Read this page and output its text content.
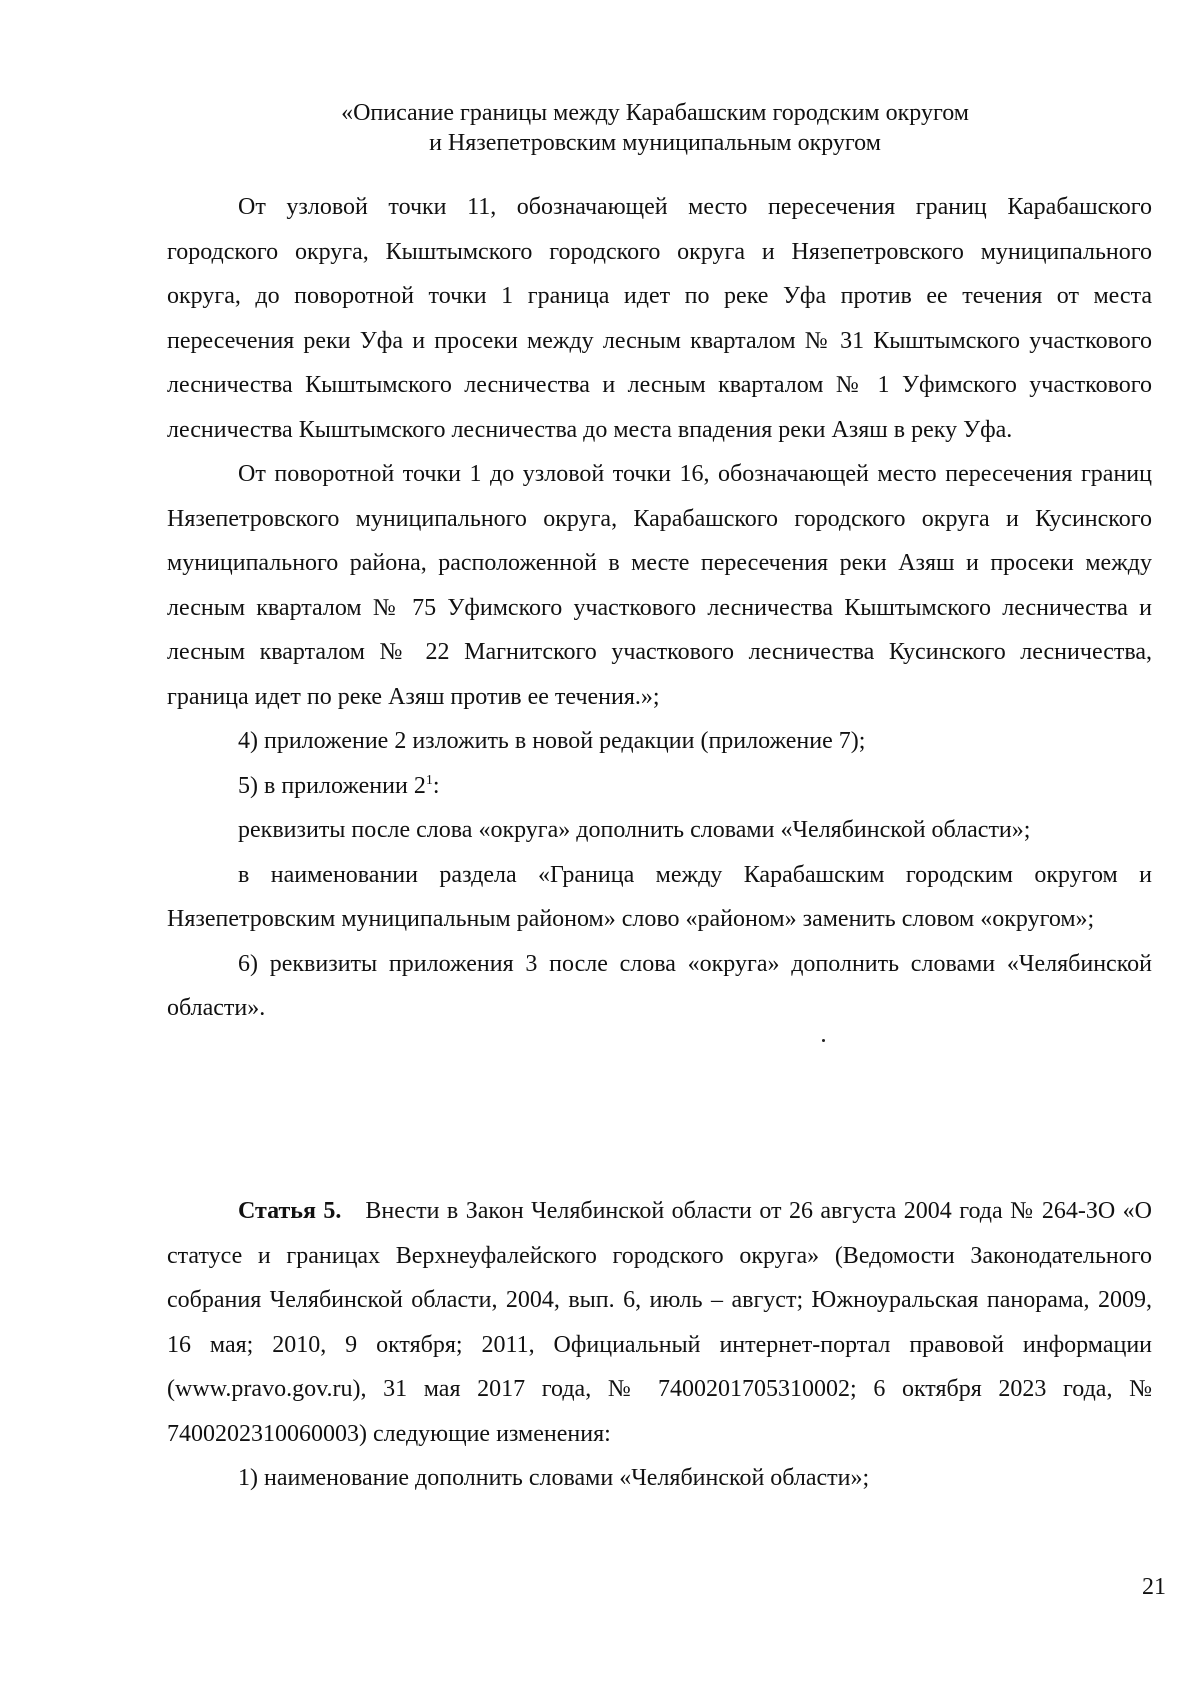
«Описание границы между Карабашским городским округом
и Нязепетровским муниципальным округом

От узловой точки 11, обозначающей место пересечения границ Карабашского городского округа, Кыштымского городского округа и Нязепетровского муниципального округа, до поворотной точки 1 граница идет по реке Уфа против ее течения от места пересечения реки Уфа и просеки между лесным кварталом № 31 Кыштымского участкового лесничества Кыштымского лесничества и лесным кварталом № 1 Уфимского участкового лесничества Кыштымского лесничества до места впадения реки Азяш в реку Уфа.

От поворотной точки 1 до узловой точки 16, обозначающей место пересечения границ Нязепетровского муниципального округа, Карабашского городского округа и Кусинского муниципального района, расположенной в месте пересечения реки Азяш и просеки между лесным кварталом № 75 Уфимского участкового лесничества Кыштымского лесничества и лесным кварталом № 22 Магнитского участкового лесничества Кусинского лесничества, граница идет по реке Азяш против ее течения.»;

4) приложение 2 изложить в новой редакции (приложение 7);

5) в приложении $2^1$:

реквизиты после слова «округа» дополнить словами «Челябинской области»;

в наименовании раздела «Граница между Карабашским городским округом и Нязепетровским муниципальным районом» слово «районом» заменить словом «округом»;

6) реквизиты приложения 3 после слова «округа» дополнить словами «Челябинской области».

Статья 5. Внести в Закон Челябинской области от 26 августа 2004 года № 264-ЗО «О статусе и границах Верхнеуфалейского городского округа» (Ведомости Законодательного собрания Челябинской области, 2004, вып. 6, июль – август; Южноуральская панорама, 2009, 16 мая; 2010, 9 октября; 2011, Официальный интернет-портал правовой информации (www.pravo.gov.ru), 31 мая 2017 года, № 7400201705310002; 6 октября 2023 года, № 7400202310060003) следующие изменения:

1) наименование дополнить словами «Челябинской области»;

21
